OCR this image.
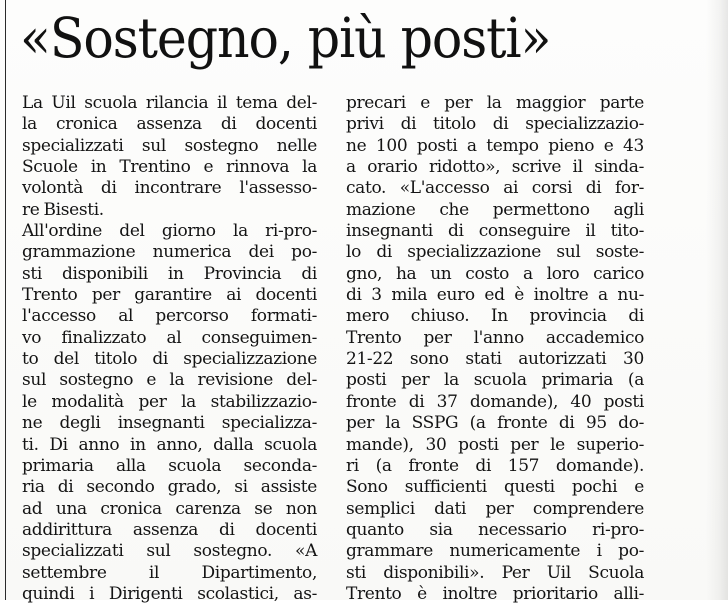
«Sostegno, più posti»
La Uil scuola rilancia il tema del-
la cronica assenza di docenti
specializzati sul sostegno nelle
Scuole in Trentino e rinnova la
volontà di incontrare l'assesso-
re Bisesti.
All'ordine del giorno la ri-pro-
grammazione numerica dei po-
sti disponibili in Provincia di
Trento per garantire ai docenti
l'accesso al percorso formati-
vo finalizzato al conseguimen-
to del titolo di specializzazione
sul sostegno e la revisione del-
le modalità per la stabilizzazio-
ne degli insegnanti specializza-
ti. Di anno in anno, dalla scuola
primaria alla scuola seconda-
ria di secondo grado, si assiste
ad una cronica carenza se non
addirittura assenza di docenti
specializzati sul sostegno. «A
settembre il Dipartimento,
quindi i Dirigenti scolastici, as-
precari e per la maggior parte
privi di titolo di specializzazio-
ne 100 posti a tempo pieno e 43
a orario ridotto», scrive il sinda-
cato. «L'accesso ai corsi di for-
mazione che permettono agli
insegnanti di conseguire il tito-
lo di specializzazione sul soste-
gno, ha un costo a loro carico
di 3 mila euro ed è inoltre a nu-
mero chiuso. In provincia di
Trento per l'anno accademico
21-22 sono stati autorizzati 30
posti per la scuola primaria (a
fronte di 37 domande), 40 posti
per la SSPG (a fronte di 95 do-
mande), 30 posti per le superio-
ri (a fronte di 157 domande).
Sono sufficienti questi pochi e
semplici dati per comprendere
quanto sia necessario ri-pro-
grammare numericamente i po-
sti disponibili». Per Uil Scuola
Trento è inoltre prioritario alli-
